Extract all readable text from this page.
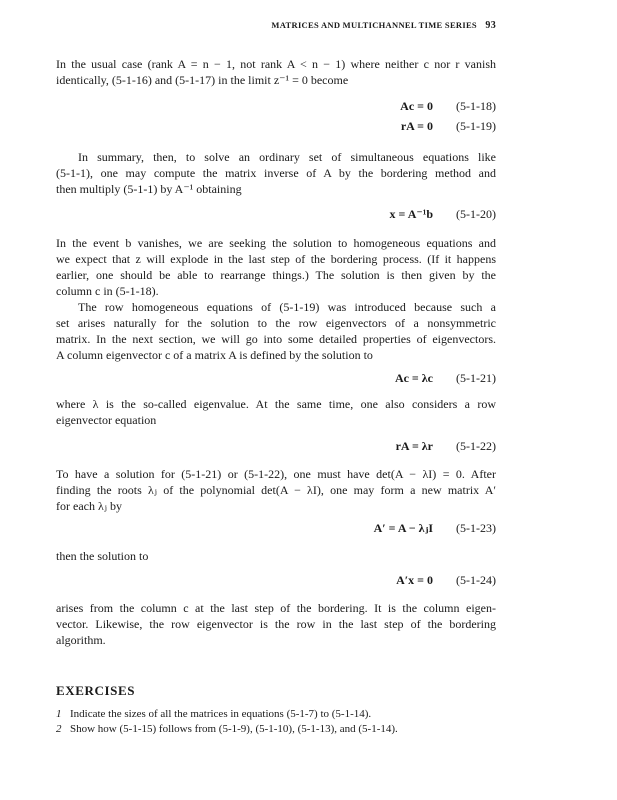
MATRICES AND MULTICHANNEL TIME SERIES 93
In the usual case (rank A = n − 1, not rank A < n − 1) where neither c nor r vanish
identically, (5-1-16) and (5-1-17) in the limit z⁻¹ = 0 become
Ac = 0 (5-1-18)
rA = 0 (5-1-19)
In summary, then, to solve an ordinary set of simultaneous equations like
(5-1-1), one may compute the matrix inverse of A by the bordering method and
then multiply (5-1-1) by A⁻¹ obtaining
x = A⁻¹b (5-1-20)
In the event b vanishes, we are seeking the solution to homogeneous equations and
we expect that z will explode in the last step of the bordering process. (If it happens
earlier, one should be able to rearrange things.) The solution is then given by the
column c in (5-1-18).
The row homogeneous equations of (5-1-19) was introduced because such a
set arises naturally for the solution to the row eigenvectors of a nonsymmetric
matrix. In the next section, we will go into some detailed properties of eigenvectors.
A column eigenvector c of a matrix A is defined by the solution to
Ac = λc (5-1-21)
where λ is the so-called eigenvalue. At the same time, one also considers a row
eigenvector equation
rA = λr (5-1-22)
To have a solution for (5-1-21) or (5-1-22), one must have det(A − λI) = 0. After
finding the roots λⱼ of the polynomial det(A − λI), one may form a new matrix A′
for each λⱼ by
A′ = A − λⱼI (5-1-23)
then the solution to
A′x = 0 (5-1-24)
arises from the column c at the last step of the bordering. It is the column eigen-
vector. Likewise, the row eigenvector is the row in the last step of the bordering
algorithm.
EXERCISES
1 Indicate the sizes of all the matrices in equations (5-1-7) to (5-1-14).
2 Show how (5-1-15) follows from (5-1-9), (5-1-10), (5-1-13), and (5-1-14).
